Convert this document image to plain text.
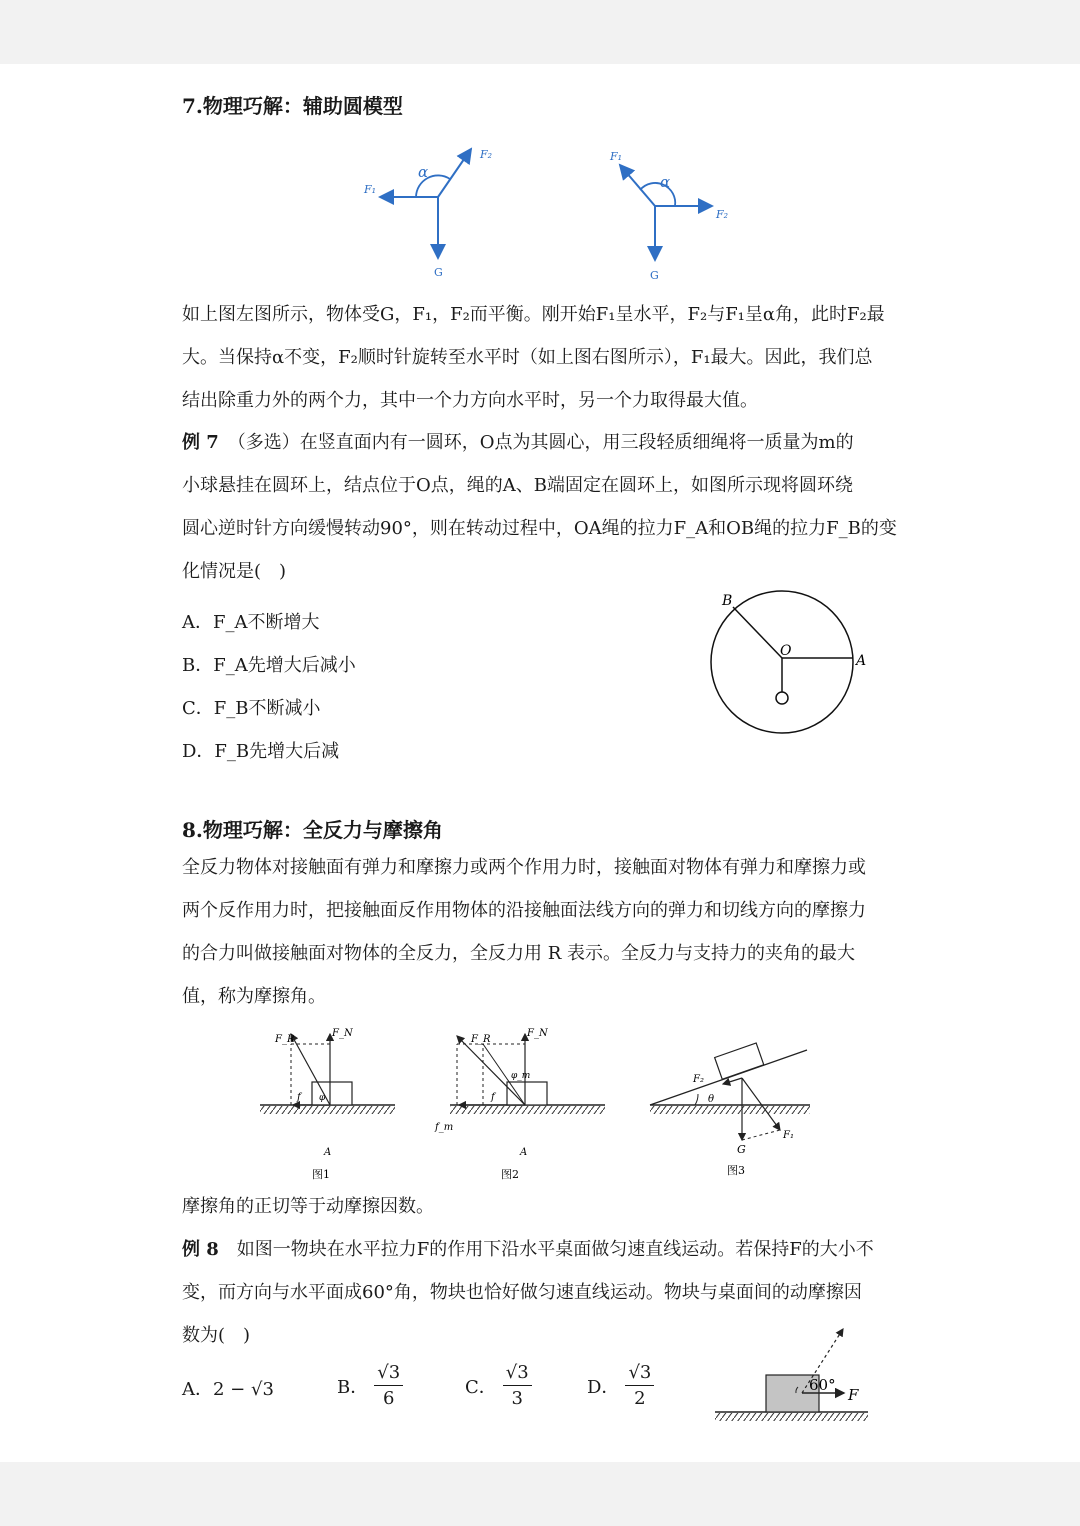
7.物理巧解：辅助圆模型
α
F₁
F₂
G
α
F₁
F₂
G
如上图左图所示，物体受G，F₁，F₂而平衡。刚开始F₁呈水平，F₂与F₁呈α角，此时F₂最
大。当保持α不变，F₂顺时针旋转至水平时（如上图右图所示），F₁最大。因此，我们总
结出除重力外的两个力，其中一个力方向水平时，另一个力取得最大值。
例 7　 （多选）在竖直面内有一圆环，O点为其圆心，用三段轻质细绳将一质量为m的
小球悬挂在圆环上，结点位于O点，绳的A、B端固定在圆环上，如图所示现将圆环绕
圆心逆时针方向缓慢转动90°，则在转动过程中，OA绳的拉力F_A和OB绳的拉力F_B的变
化情况是(　)
A．F_A不断增大
B．F_A先增大后减小
C．F_B不断减小
D．F_B先增大后减
B
O
A
8.物理巧解：全反力与摩擦角
全反力物体对接触面有弹力和摩擦力或两个作用力时，接触面对物体有弹力和摩擦力或
两个反作用力时，把接触面反作用物体的沿接触面法线方向的弹力和切线方向的摩擦力
的合力叫做接触面对物体的全反力，全反力用 R 表示。全反力与支持力的夹角的最大
值，称为摩擦角。
F_R
F_N
φ
f
A
图1
F_R
F_N
φ_m
f
f_m
A
图2
F₂
θ
G
F₁
图3
摩擦角的正切等于动摩擦因数。
例 8　 如图一物块在水平拉力F的作用下沿水平桌面做匀速直线运动。若保持F的大小不
变，而方向与水平面成60°角，物块也恰好做匀速直线运动。物块与桌面间的动摩擦因
数为(　)
A．2 − √3	B． $\frac{√3}{6}$	C． $\frac{√3}{3}$	D． $\frac{√3}{2}$	60°
F
